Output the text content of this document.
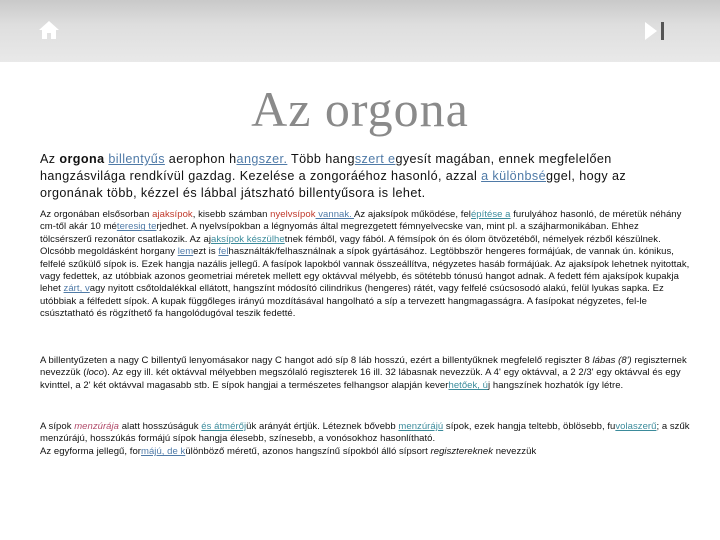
Az orgona
Az orgona billentyűs aerophon hangszer. Több hangszert egyesít magában, ennek megfelelően hangzásvilága rendkívül gazdag. Kezelése a zongoráéhoz hasonló, azzal a különbséggel, hogy az orgonának több, kézzel és lábbal játszható billentyűsora is lehet.
Az orgonában elsősorban ajaksípok, kisebb számban nyelvsípok vannak. Az ajaksípok működése, felépítése a furulyához hasonló, de méretük néhány cm-től akár 10 méteresig terjedhet. A nyelvsípokban a légnyomás által megrezgetett fémnyelvecske van, mint pl. a szájharmonikában. Ehhez tölcsérszerű rezonátor csatlakozik. Az ajaksípok készülhetnek fémből, vagy fából. A fémsípok ón és ólom ötvözetéből, némelyek rézből készülnek. Olcsóbb megoldásként horgany lemezt is felhasználták/felhasználnak a sípok gyártásához. Legtöbbször hengeres formájúak, de vannak ún. kónikus, felfelé szűkülő sípok is. Ezek hangja nazális jellegű. A fasípok lapokból vannak összeállítva, négyzetes hasáb formájúak. Az ajaksípok lehetnek nyitottak, vagy fedettek, az utóbbiak azonos geometriai méretek mellett egy oktávval mélyebb, és sötétebb tónusú hangot adnak. A fedett fém ajaksípok kupakja lehet zárt, vagy nyitott csőtoldalékkal ellátott, hangszínt módosító cilindrikus (hengeres) rátét, vagy felfelé csúcsosodó alakú, felül lyukas sapka. Ez utóbbiak a félfedett sípok. A kupak függőleges irányú mozdításával hangolható a síp a tervezett hangmagasságra. A fasípokat négyzetes, fel-le csúsztatható és rögzíthető fa hangolódugóval teszik fedetté.
A billentyűzeten a nagy C billentyű lenyomásakor nagy C hangot adó síp 8 láb hosszú, ezért a billentyűknek megfelelő regiszter 8 lábas (8') regiszternek nevezzük (loco). Az egy ill. két oktávval mélyebben megszólaló regiszterek 16 ill. 32 lábasnak nevezzük. A 4' egy oktávval, a 2 2/3' egy oktávval és egy kvinttel, a 2' két oktávval magasabb stb. E sípok hangjai a természetes felhangsor alapján keverhetőek, új hangszínek hozhatók így létre.
A sípok menzúrája alatt hosszúságuk és átmérőjük arányát értjük. Léteznek bővebb menzúrájú sípok, ezek hangja teltebb, öblösebb, fuvolaszerű; a szűk menzúrájú, hosszúkás formájú sípok hangja élesebb, színesebb, a vonósokhoz hasonlítható.
Az egyforma jellegű, formájú, de különböző méretű, azonos hangszínű sípokból álló sípsort regisztereknek nevezzük
